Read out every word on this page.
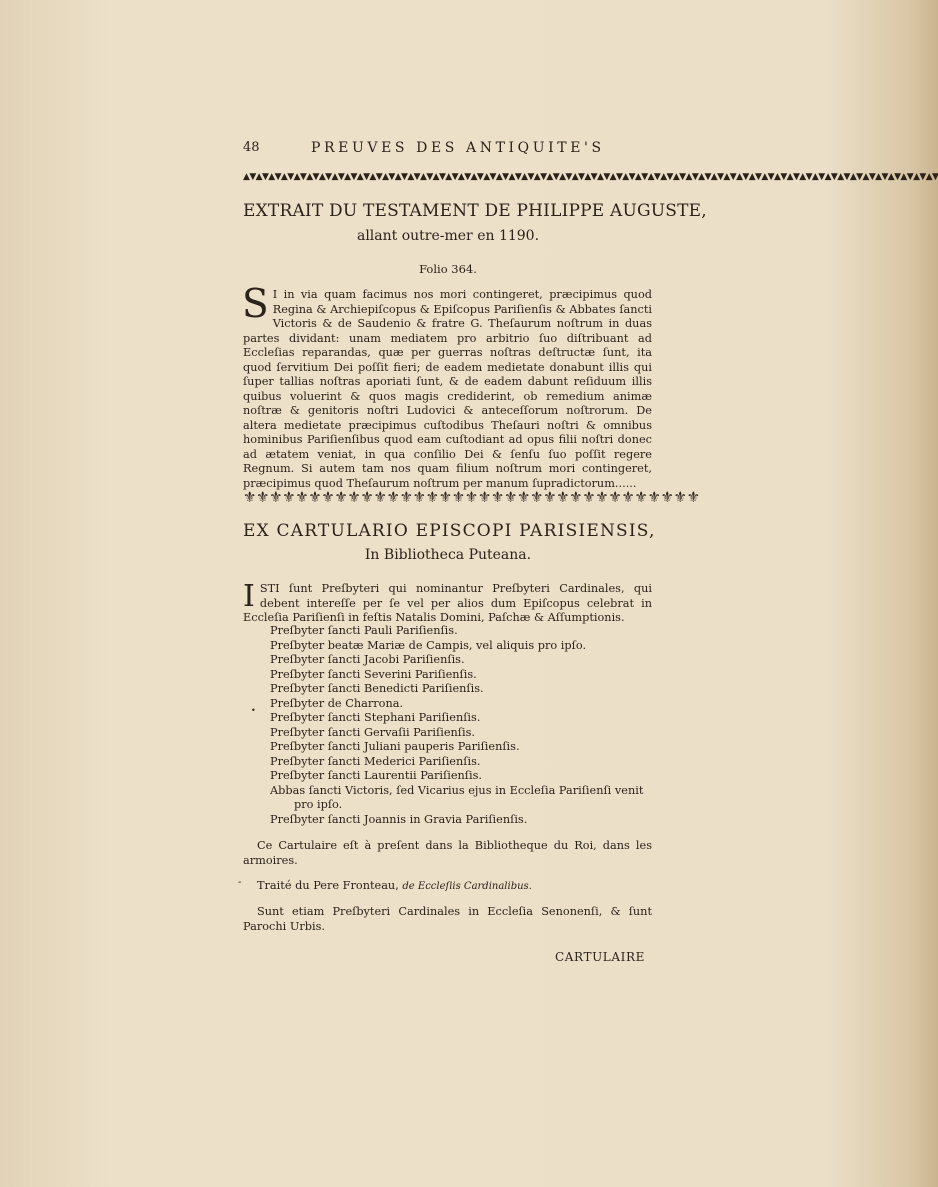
48	PREUVES DES ANTIQUITE'S
▲▼▲▼▲▼▲▼▲▼▲▼▲▼▲▼▲▼▲▼▲▼▲▼▲▼▲▼▲▼▲▼▲▼▲▼▲▼▲▼▲▼▲▼▲▼▲▼▲▼▲▼▲▼▲▼▲▼▲▼▲▼▲▼▲▼▲▼▲▼▲▼▲▼▲▼▲▼▲▼▲▼▲▼▲▼▲▼▲▼▲▼▲▼▲▼▲▼▲▼▲▼▲▼▲▼▲▼▲▼
EXTRAIT DU TESTAMENT DE PHILIPPE AUGUSTE,
allant outre-mer en 1190.
Folio 364.
S I in via quam facimus nos mori contingeret, præcipimus quod Regina & Archiepiſcopus & Epiſcopus Pariſienſis & Abbates ſancti Victoris & de Saudenio & fratre G. Theſaurum noſtrum in duas partes dividant: unam mediatem pro arbitrio ſuo diſtribuant ad Eccleſias reparandas, quæ per guerras noſtras deſtructæ ſunt, ita quod ſervitium Dei poſſit fieri; de eadem medietate donabunt illis qui ſuper tallias noſtras aporiati ſunt, & de eadem dabunt reſiduum illis quibus voluerint & quos magis crediderint, ob remedium animæ noſtræ & genitoris noſtri Ludovici & anteceſſorum noſtrorum. De altera medietate præcipimus cuſtodibus Theſauri noſtri & omnibus hominibus Pariſienſibus quod eam cuſtodiant ad opus filii noſtri donec ad ætatem veniat, in qua conſilio Dei & ſenſu ſuo poſſit regere Regnum. Si autem tam nos quam filium noſtrum mori contingeret, præcipimus quod Theſaurum noſtrum per manum ſupradictorum......
⚜⚜⚜⚜⚜⚜⚜⚜⚜⚜⚜⚜⚜⚜⚜⚜⚜⚜⚜⚜⚜⚜⚜⚜⚜⚜⚜⚜⚜⚜⚜⚜⚜⚜⚜
EX CARTULARIO EPISCOPI PARISIENSIS,
In Bibliotheca Puteana.
I STI ſunt Preſbyteri qui nominantur Preſbyteri Cardinales, qui debent intereſſe per ſe vel per alios dum Epiſcopus celebrat in Eccleſia Pariſienſi in feſtis Natalis Domini, Paſchæ & Aſſumptionis.
•
Preſbyter ſancti Pauli Pariſienſis.
Preſbyter beatæ Mariæ de Campis, vel aliquis pro ipſo.
Preſbyter ſancti Jacobi Pariſienſis.
Preſbyter ſancti Severini Pariſienſis.
Preſbyter ſancti Benedicti Pariſienſis.
Preſbyter de Charrona.
Preſbyter ſancti Stephani Pariſienſis.
Preſbyter ſancti Gervaſii Pariſienſis.
Preſbyter ſancti Juliani pauperis Pariſienſis.
Preſbyter ſancti Mederici Pariſienſis.
Preſbyter ſancti Laurentii Pariſienſis.
Abbas ſancti Victoris, ſed Vicarius ejus in Eccleſia Pariſienſi venit
pro ipſo.
Preſbyter ſancti Joannis in Gravia Pariſienſis.
Ce Cartulaire eſt à preſent dans la Bibliotheque du Roi, dans les armoires.
-	Traité du Pere Fronteau, de Eccleſiis Cardinalibus.
Sunt etiam Preſbyteri Cardinales in Eccleſia Senonenſi, & ſunt Parochi Urbis.
CARTULAIRE
